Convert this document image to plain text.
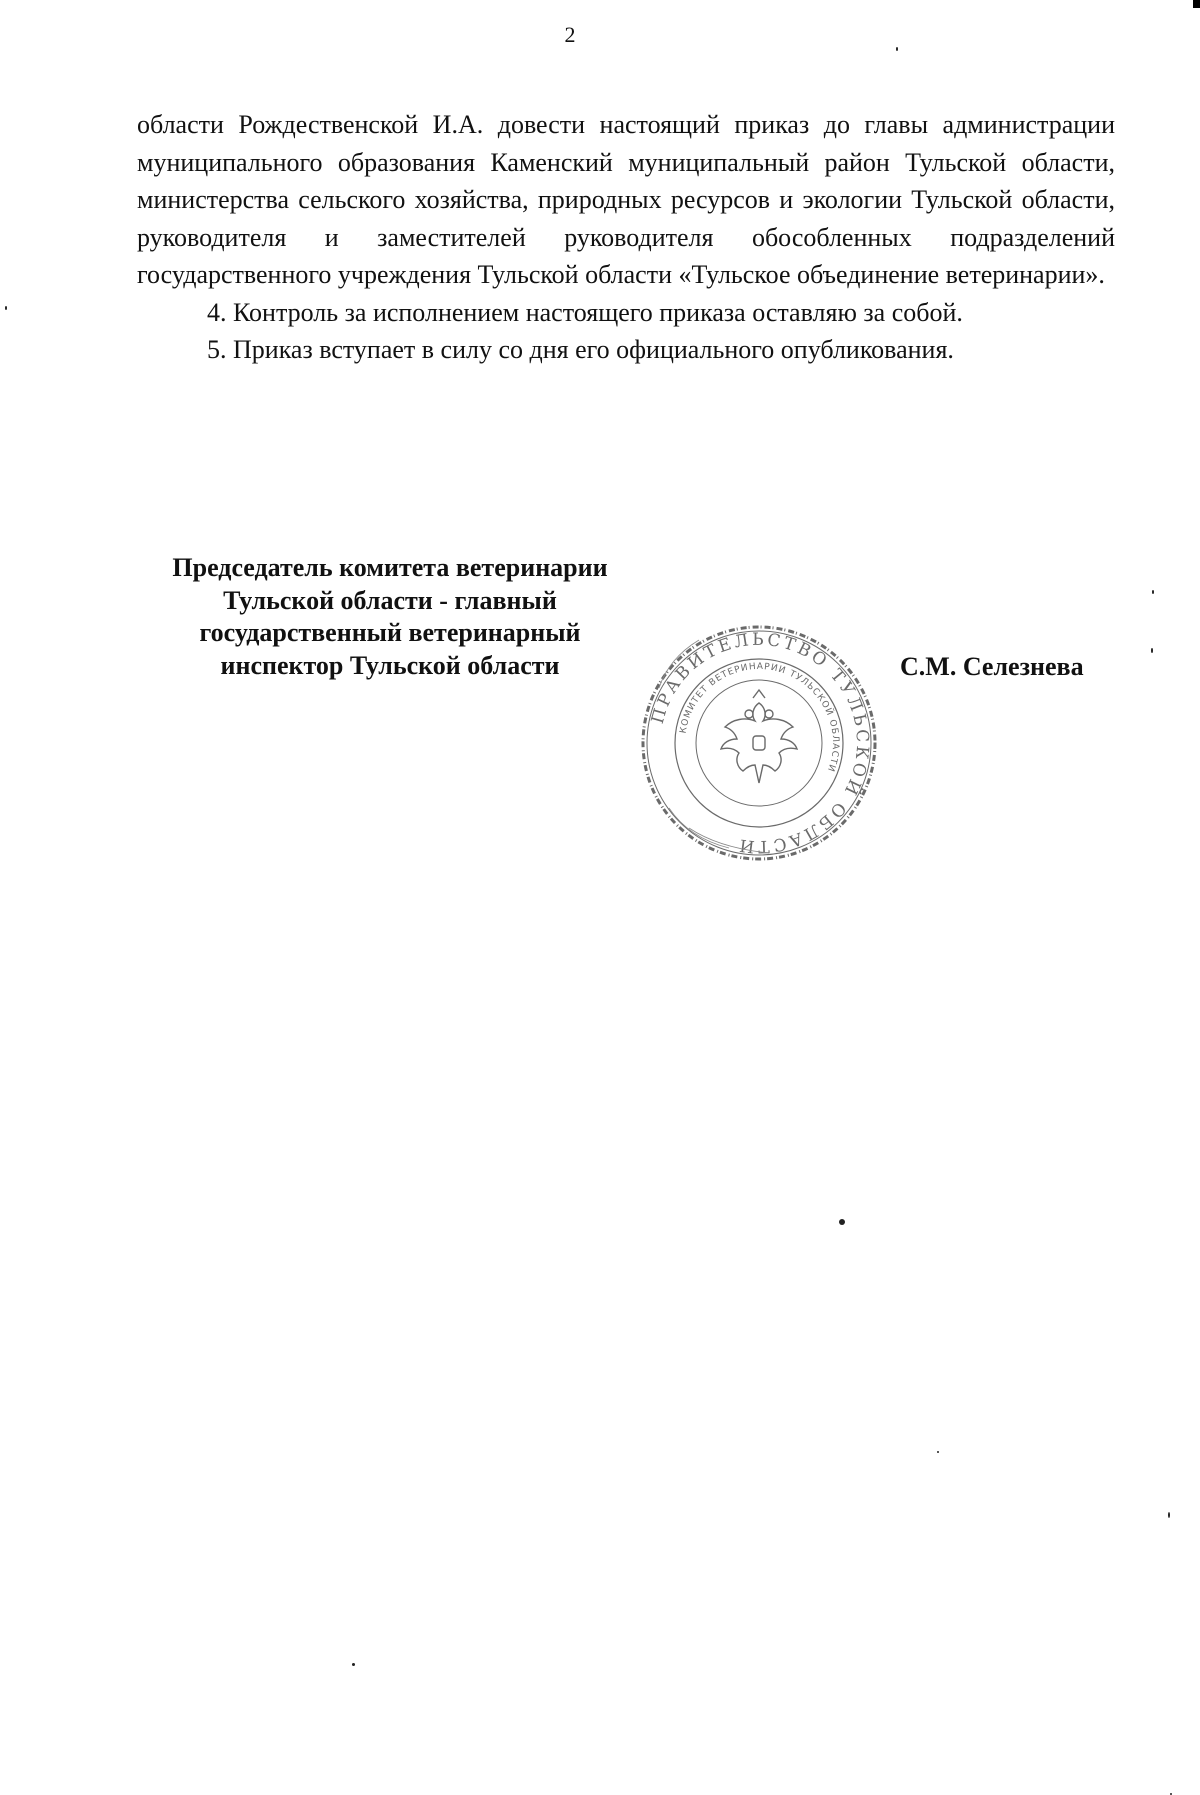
2

области Рождественской И.А. довести настоящий приказ до главы администрации муниципального образования Каменский муниципальный район Тульской области, министерства сельского хозяйства, природных ресурсов и экологии Тульской области, руководителя и заместителей руководителя обособленных подразделений государственного учреждения Тульской области «Тульское объединение ветеринарии».

4. Контроль за исполнением настоящего приказа оставляю за собой.

5. Приказ вступает в силу со дня его официального опубликования.

Председатель комитета ветеринарии
Тульской области - главный
государственный ветеринарный
инспектор Тульской области	С.М. Селезнева
ПРАВИТЕЛЬСТВО ТУЛЬСКОЙ ОБЛАСТИ
КОМИТЕТ ВЕТЕРИНАРИИ ТУЛЬСКОЙ ОБЛАСТИ
